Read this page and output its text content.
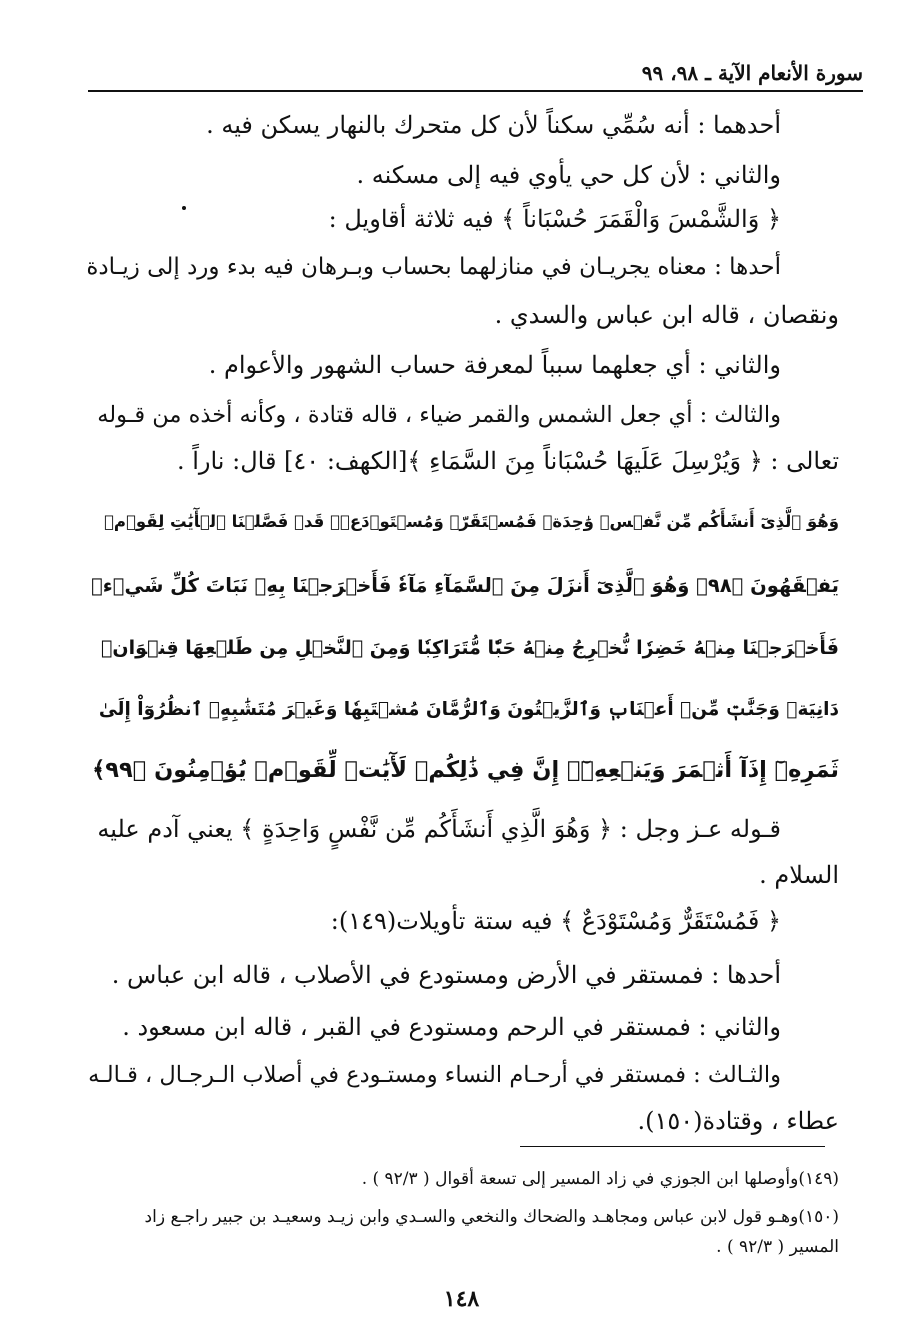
سورة الأنعام الآية ـ ٩٨، ٩٩
أحدهما : أنه سُمِّي سكناً لأن كل متحرك بالنهار يسكن فيه .
والثاني : لأن كل حي يأوي فيه إلى مسكنه .
﴿ وَالشَّمْسَ وَالْقَمَرَ حُسْبَاناً ﴾ فيه ثلاثة أقاويل :
أحدها : معناه يجريـان في منازلهما بحساب وبـرهان فيه بدء ورد إلى زيـادة
ونقصان ، قاله ابن عباس والسدي .
والثاني : أي جعلهما سبباً لمعرفة حساب الشهور والأعوام .
والثالث : أي جعل الشمس والقمر ضياء ، قاله قتادة ، وكأنه أخذه من قـوله
تعالى : ﴿ وَيُرْسِلَ عَلَيهَا حُسْبَاناً مِنَ السَّمَاءِ ﴾[الكهف: ٤٠] قال: ناراً .
وَهُوَ ٱلَّذِىٓ أَنشَأَكُم مِّن نَّفۡسٖ وَٰحِدَةٖ فَمُسۡتَقَرّٞ وَمُسۡتَوۡدَعٞۗ قَدۡ فَصَّلۡنَا ٱلۡأٓيَٰتِ لِقَوۡمٖ
يَفۡقَهُونَ ﴿٩٨﴾ وَهُوَ ٱلَّذِىٓ أَنزَلَ مِنَ ٱلسَّمَآءِ مَآءٗ فَأَخۡرَجۡنَا بِهِۦ نَبَاتَ كُلِّ شَيۡءٖ
فَأَخۡرَجۡنَا مِنۡهُ خَضِرٗا نُّخۡرِجُ مِنۡهُ حَبّٗا مُّتَرَاكِبٗا وَمِنَ ٱلنَّخۡلِ مِن طَلۡعِهَا قِنۡوَانٞ
دَانِيَةٞ وَجَنَّٰتٖ مِّنۡ أَعۡنَابٖ وَٱلزَّيۡتُونَ وَٱلرُّمَّانَ مُشۡتَبِهٗا وَغَيۡرَ مُتَشَٰبِهٍۗ ٱنظُرُوٓاْ إِلَىٰ
ثَمَرِهِۦٓ إِذَآ أَثۡمَرَ وَيَنۡعِهِۦٓۚ إِنَّ فِي ذَٰلِكُمۡ لَأٓيَٰتٖ لِّقَوۡمٖ يُؤۡمِنُونَ ﴿٩٩﴾
قـوله عـز وجل : ﴿ وَهُوَ الَّذِي أَنشَأَكُم مِّن نَّفْسٍ وَاحِدَةٍ ﴾ يعني آدم عليه
السلام .
﴿ فَمُسْتَقَرٌّ وَمُسْتَوْدَعٌ ﴾ فيه ستة تأويلات(١٤٩):
أحدها : فمستقر في الأرض ومستودع في الأصلاب ، قاله ابن عباس .
والثاني : فمستقر في الرحم ومستودع في القبر ، قاله ابن مسعود .
والثـالث : فمستقر في أرحـام النساء ومستـودع في أصلاب الـرجـال ، قـالـه
عطاء ، وقتادة(١٥٠).
(١٤٩)وأوصلها ابن الجوزي في زاد المسير إلى تسعة أقوال ( ٩٢/٣ ) .
(١٥٠)وهـو قول لابن عباس ومجاهـد والضحاك والنخعي والسـدي وابن زيـد وسعيـد بن جبير راجـع زاد
المسير ( ٩٢/٣ ) .
١٤٨
